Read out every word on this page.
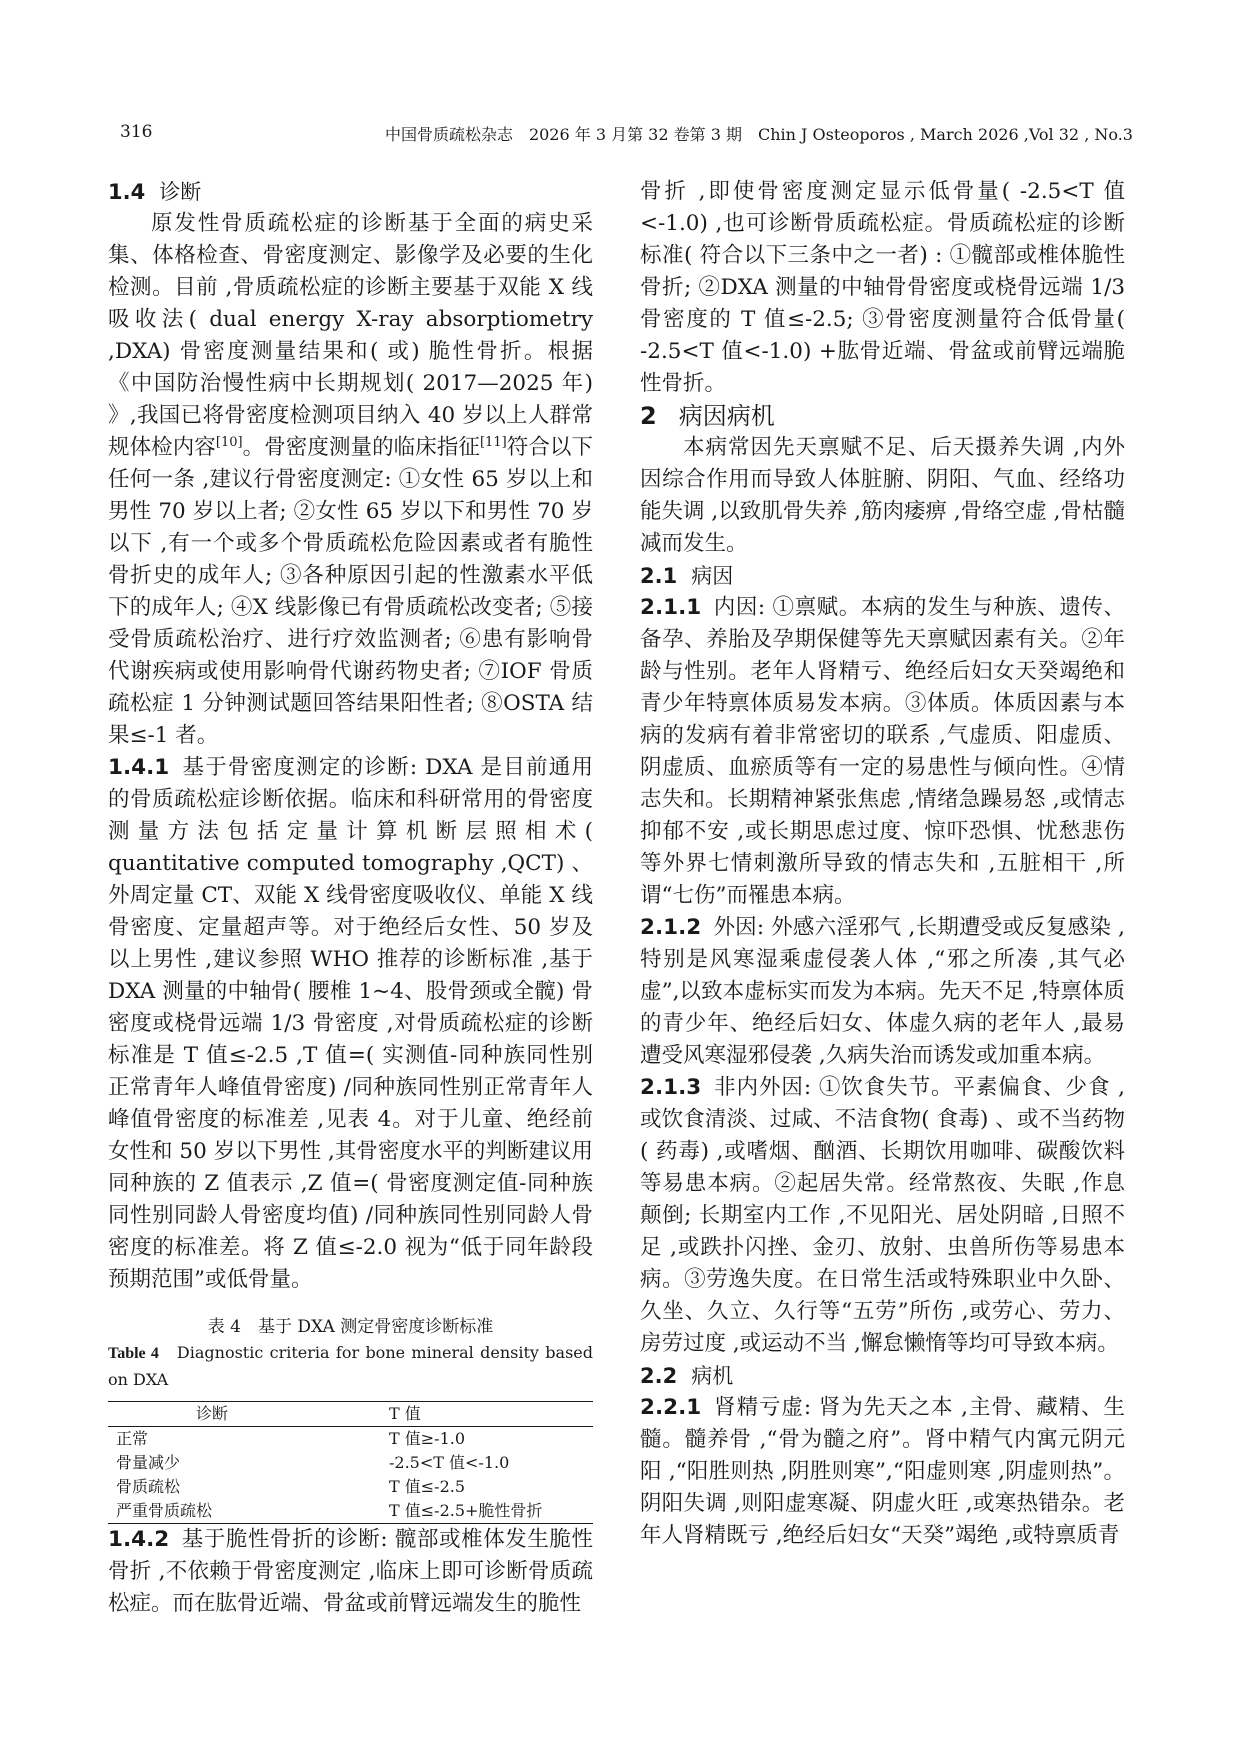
316	中国骨质疏松杂志　2026 年 3 月第 32 卷第 3 期　Chin J Osteoporos , March 2026 ,Vol 32 , No.3

1.4 诊断

原发性骨质疏松症的诊断基于全面的病史采集、体格检查、骨密度测定、影像学及必要的生化检测。目前 ,骨质疏松症的诊断主要基于双能 X 线吸收法( dual energy X-ray absorptiometry ,DXA) 骨密度测量结果和( 或) 脆性骨折。根据《中国防治慢性病中长期规划( 2017—2025 年) 》,我国已将骨密度检测项目纳入 40 岁以上人群常规体检内容[10]。骨密度测量的临床指征[11]符合以下任何一条 ,建议行骨密度测定: ①女性 65 岁以上和男性 70 岁以上者; ②女性 65 岁以下和男性 70 岁以下 ,有一个或多个骨质疏松危险因素或者有脆性骨折史的成年人; ③各种原因引起的性激素水平低下的成年人; ④X 线影像已有骨质疏松改变者; ⑤接受骨质疏松治疗、进行疗效监测者; ⑥患有影响骨代谢疾病或使用影响骨代谢药物史者; ⑦IOF 骨质疏松症 1 分钟测试题回答结果阳性者; ⑧OSTA 结果≤-1 者。

1.4.1 基于骨密度测定的诊断: DXA 是目前通用的骨质疏松症诊断依据。临床和科研常用的骨密度测量方法包括定量计算机断层照相术( quantitative computed tomography ,QCT) 、外周定量 CT、双能 X 线骨密度吸收仪、单能 X 线骨密度、定量超声等。对于绝经后女性、50 岁及以上男性 ,建议参照 WHO 推荐的诊断标准 ,基于 DXA 测量的中轴骨( 腰椎 1~4、股骨颈或全髋) 骨密度或桡骨远端 1/3 骨密度 ,对骨质疏松症的诊断标准是 T 值≤-2.5 ,T 值=( 实测值-同种族同性别正常青年人峰值骨密度) /同种族同性别正常青年人峰值骨密度的标准差 ,见表 4。对于儿童、绝经前女性和 50 岁以下男性 ,其骨密度水平的判断建议用同种族的 Z 值表示 ,Z 值=( 骨密度测定值-同种族同性别同龄人骨密度均值) /同种族同性别同龄人骨密度的标准差。将 Z 值≤-2.0 视为“低于同年龄段预期范围”或低骨量。

表 4　基于 DXA 测定骨密度诊断标准
Table 4 Diagnostic criteria for bone mineral density based on DXA
诊断	T 值
正常	T 值≥-1.0
骨量减少	-2.5<T 值<-1.0
骨质疏松	T 值≤-2.5
严重骨质疏松	T 值≤-2.5+脆性骨折

1.4.2 基于脆性骨折的诊断: 髋部或椎体发生脆性骨折 ,不依赖于骨密度测定 ,临床上即可诊断骨质疏松症。而在肱骨近端、骨盆或前臂远端发生的脆性

骨折 ,即使骨密度测定显示低骨量( -2.5<T 值<-1.0) ,也可诊断骨质疏松症。骨质疏松症的诊断标准( 符合以下三条中之一者) : ①髋部或椎体脆性骨折; ②DXA 测量的中轴骨骨密度或桡骨远端 1/3 骨密度的 T 值≤-2.5; ③骨密度测量符合低骨量( -2.5<T 值<-1.0) +肱骨近端、骨盆或前臂远端脆性骨折。

2 病因病机

本病常因先天禀赋不足、后天摄养失调 ,内外因综合作用而导致人体脏腑、阴阳、气血、经络功能失调 ,以致肌骨失养 ,筋肉痿痹 ,骨络空虚 ,骨枯髓减而发生。

2.1 病因

2.1.1 内因: ①禀赋。本病的发生与种族、遗传、备孕、养胎及孕期保健等先天禀赋因素有关。②年龄与性别。老年人肾精亏、绝经后妇女天癸竭绝和青少年特禀体质易发本病。③体质。体质因素与本病的发病有着非常密切的联系 ,气虚质、阳虚质、阴虚质、血瘀质等有一定的易患性与倾向性。④情志失和。长期精神紧张焦虑 ,情绪急躁易怒 ,或情志抑郁不安 ,或长期思虑过度、惊吓恐惧、忧愁悲伤等外界七情刺激所导致的情志失和 ,五脏相干 ,所谓“七伤”而罹患本病。

2.1.2 外因: 外感六淫邪气 ,长期遭受或反复感染 ,特别是风寒湿乘虚侵袭人体 ,“邪之所凑 ,其气必虚”,以致本虚标实而发为本病。先天不足 ,特禀体质的青少年、绝经后妇女、体虚久病的老年人 ,最易遭受风寒湿邪侵袭 ,久病失治而诱发或加重本病。

2.1.3 非内外因: ①饮食失节。平素偏食、少食 ,或饮食清淡、过咸、不洁食物( 食毒) 、或不当药物( 药毒) ,或嗜烟、酗酒、长期饮用咖啡、碳酸饮料等易患本病。②起居失常。经常熬夜、失眠 ,作息颠倒; 长期室内工作 ,不见阳光、居处阴暗 ,日照不足 ,或跌扑闪挫、金刃、放射、虫兽所伤等易患本病。③劳逸失度。在日常生活或特殊职业中久卧、久坐、久立、久行等“五劳”所伤 ,或劳心、劳力、房劳过度 ,或运动不当 ,懈怠懒惰等均可导致本病。

2.2 病机

2.2.1 肾精亏虚: 肾为先天之本 ,主骨、藏精、生髓。髓养骨 ,“骨为髓之府”。肾中精气内寓元阴元阳 ,“阳胜则热 ,阴胜则寒”,“阳虚则寒 ,阴虚则热”。阴阳失调 ,则阳虚寒凝、阴虚火旺 ,或寒热错杂。老年人肾精既亏 ,绝经后妇女“天癸”竭绝 ,或特禀质青
